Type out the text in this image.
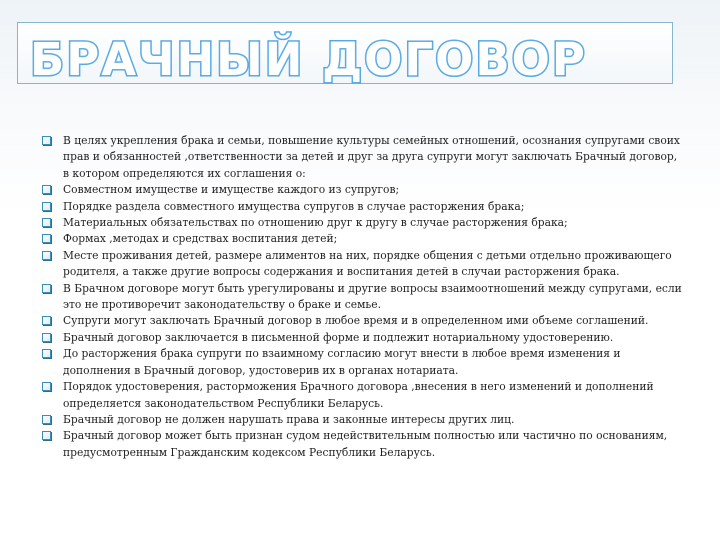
БРАЧНЫЙ ДОГОВОР
В целях укрепления брака и семьи, повышение культуры семейных отношений, осознания супругами своих прав и обязанностей ,ответственности за детей и друг за друга супруги могут заключать Брачный договор, в котором определяются их соглашения о:
Совместном имуществе и имуществе каждого из супругов;
Порядке раздела совместного имущества супругов в случае расторжения брака;
Материальных обязательствах по отношению друг к другу в случае расторжения брака;
Формах ,методах и средствах воспитания детей;
Месте проживания детей, размере алиментов на них, порядке общения с детьми отдельно проживающего родителя, а также другие вопросы содержания и воспитания детей в случаи расторжения брака.
В Брачном договоре могут быть урегулированы и другие вопросы взаимоотношений между супругами, если это не противоречит законодательству о браке и семье.
Супруги могут заключать Брачный договор в любое время и в определенном ими объеме соглашений.
Брачный договор заключается в письменной форме и подлежит нотариальному удостоверению.
До расторжения брака супруги по взаимному согласию могут внести в любое время изменения и дополнения в Брачный договор, удостоверив их в органах нотариата.
Порядок удостоверения, расторможения Брачного договора ,внесения в него изменений и дополнений определяется законодательством Республики Беларусь.
Брачный договор не должен нарушать права и законные интересы других лиц.
Брачный договор может быть признан судом недействительным полностью или частично по основаниям, предусмотренным Гражданским кодексом Республики Беларусь.
